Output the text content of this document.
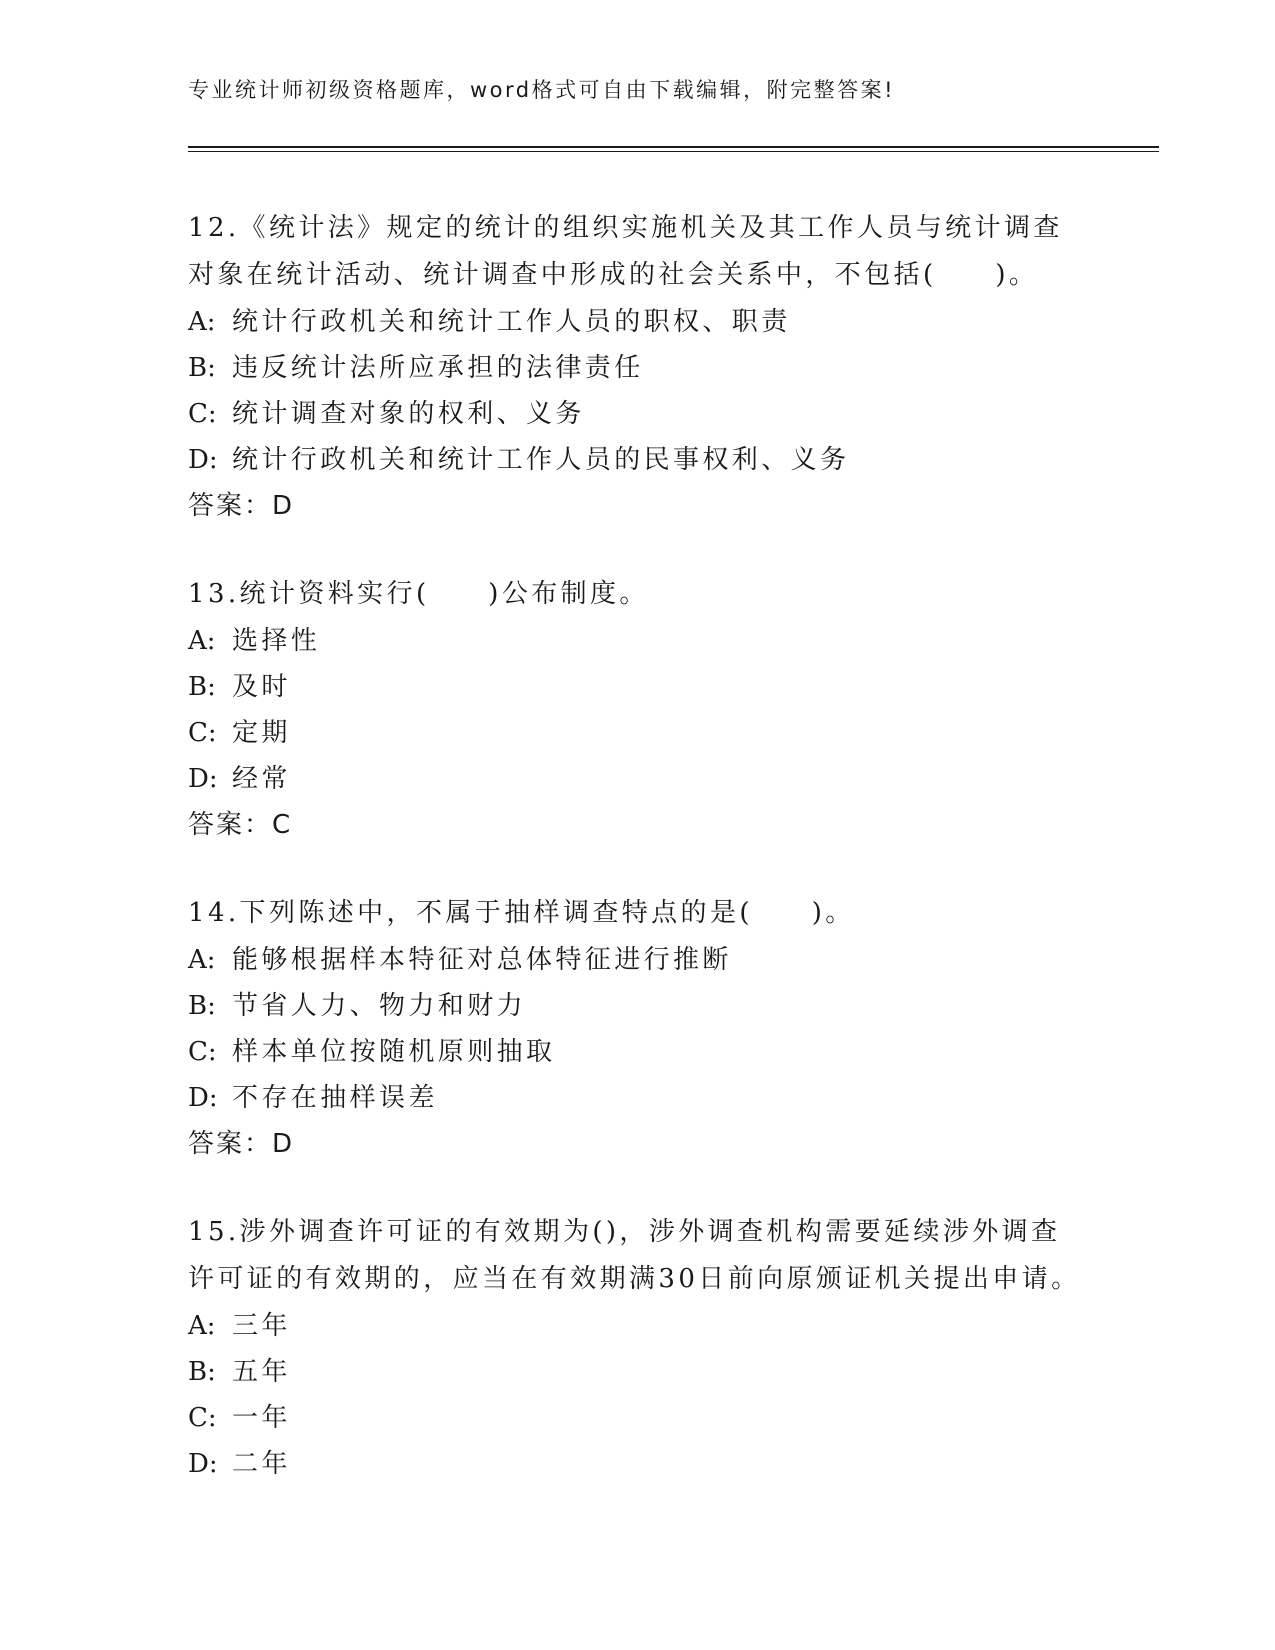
专业统计师初级资格题库，word格式可自由下载编辑，附完整答案!

12.《统计法》规定的统计的组织实施机关及其工作人员与统计调查对象在统计活动、统计调查中形成的社会关系中，不包括(　　)。

A: 统计行政机关和统计工作人员的职权、职责

B: 违反统计法所应承担的法律责任

C: 统计调查对象的权利、义务

D: 统计行政机关和统计工作人员的民事权利、义务

答案：D

13.统计资料实行(　　)公布制度。

A: 选择性

B: 及时

C: 定期

D: 经常

答案：C

14.下列陈述中，不属于抽样调查特点的是(　　)。

A: 能够根据样本特征对总体特征进行推断

B: 节省人力、物力和财力

C: 样本单位按随机原则抽取

D: 不存在抽样误差

答案：D

15.涉外调查许可证的有效期为()，涉外调查机构需要延续涉外调查许可证的有效期的，应当在有效期满30日前向原颁证机关提出申请。

A: 三年

B: 五年

C: 一年

D: 二年
